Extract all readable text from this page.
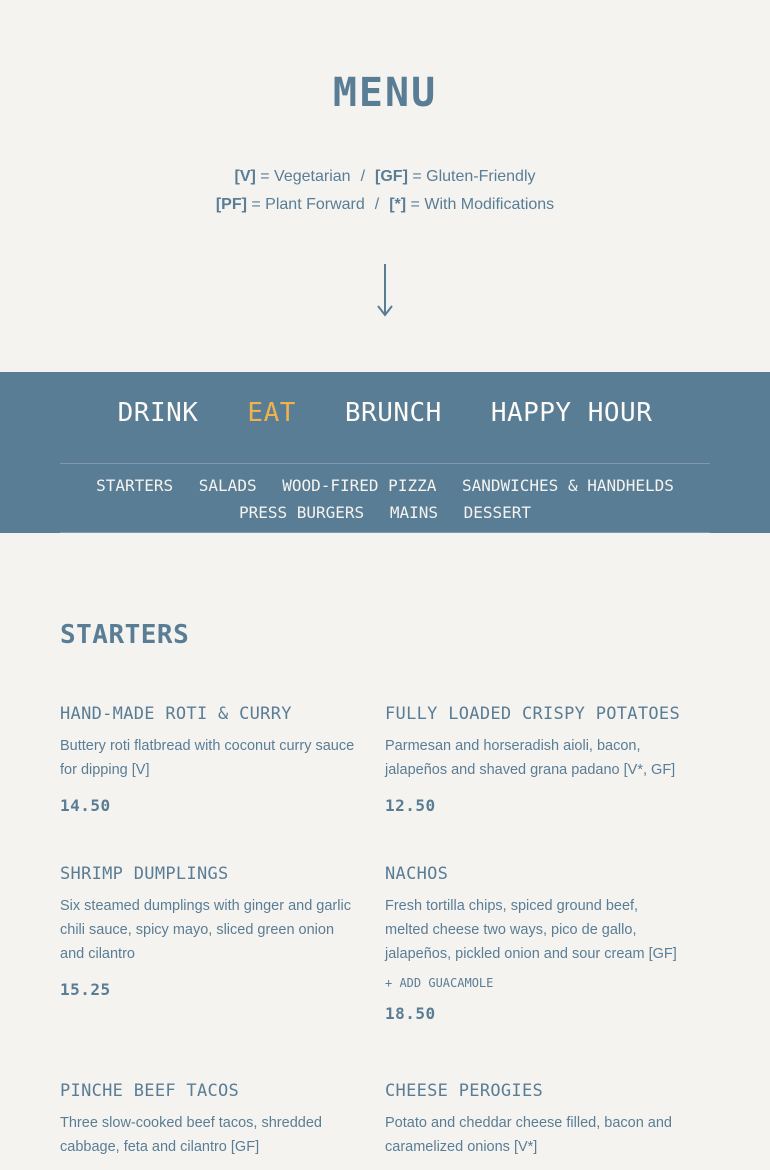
MENU
[V] = Vegetarian / [GF] = Gluten-Friendly
[PF] = Plant Forward / [*] = With Modifications
DRINK EAT BRUNCH HAPPY HOUR
STARTERS SALADS WOOD-FIRED PIZZA SANDWICHES & HANDHELDS
PRESS BURGERS MAINS DESSERT
STARTERS
HAND-MADE ROTI & CURRY
Buttery roti flatbread with coconut curry sauce for dipping [V]
14.50
FULLY LOADED CRISPY POTATOES
Parmesan and horseradish aioli, bacon, jalapeños and shaved grana padano [V*, GF]
12.50
SHRIMP DUMPLINGS
Six steamed dumplings with ginger and garlic chili sauce, spicy mayo, sliced green onion and cilantro
15.25
NACHOS
Fresh tortilla chips, spiced ground beef, melted cheese two ways, pico de gallo, jalapeños, pickled onion and sour cream [GF]
+ ADD GUACAMOLE
18.50
PINCHE BEEF TACOS
Three slow-cooked beef tacos, shredded cabbage, feta and cilantro [GF]
CHEESE PEROGIES
Potato and cheddar cheese filled, bacon and caramelized onions [V*]
